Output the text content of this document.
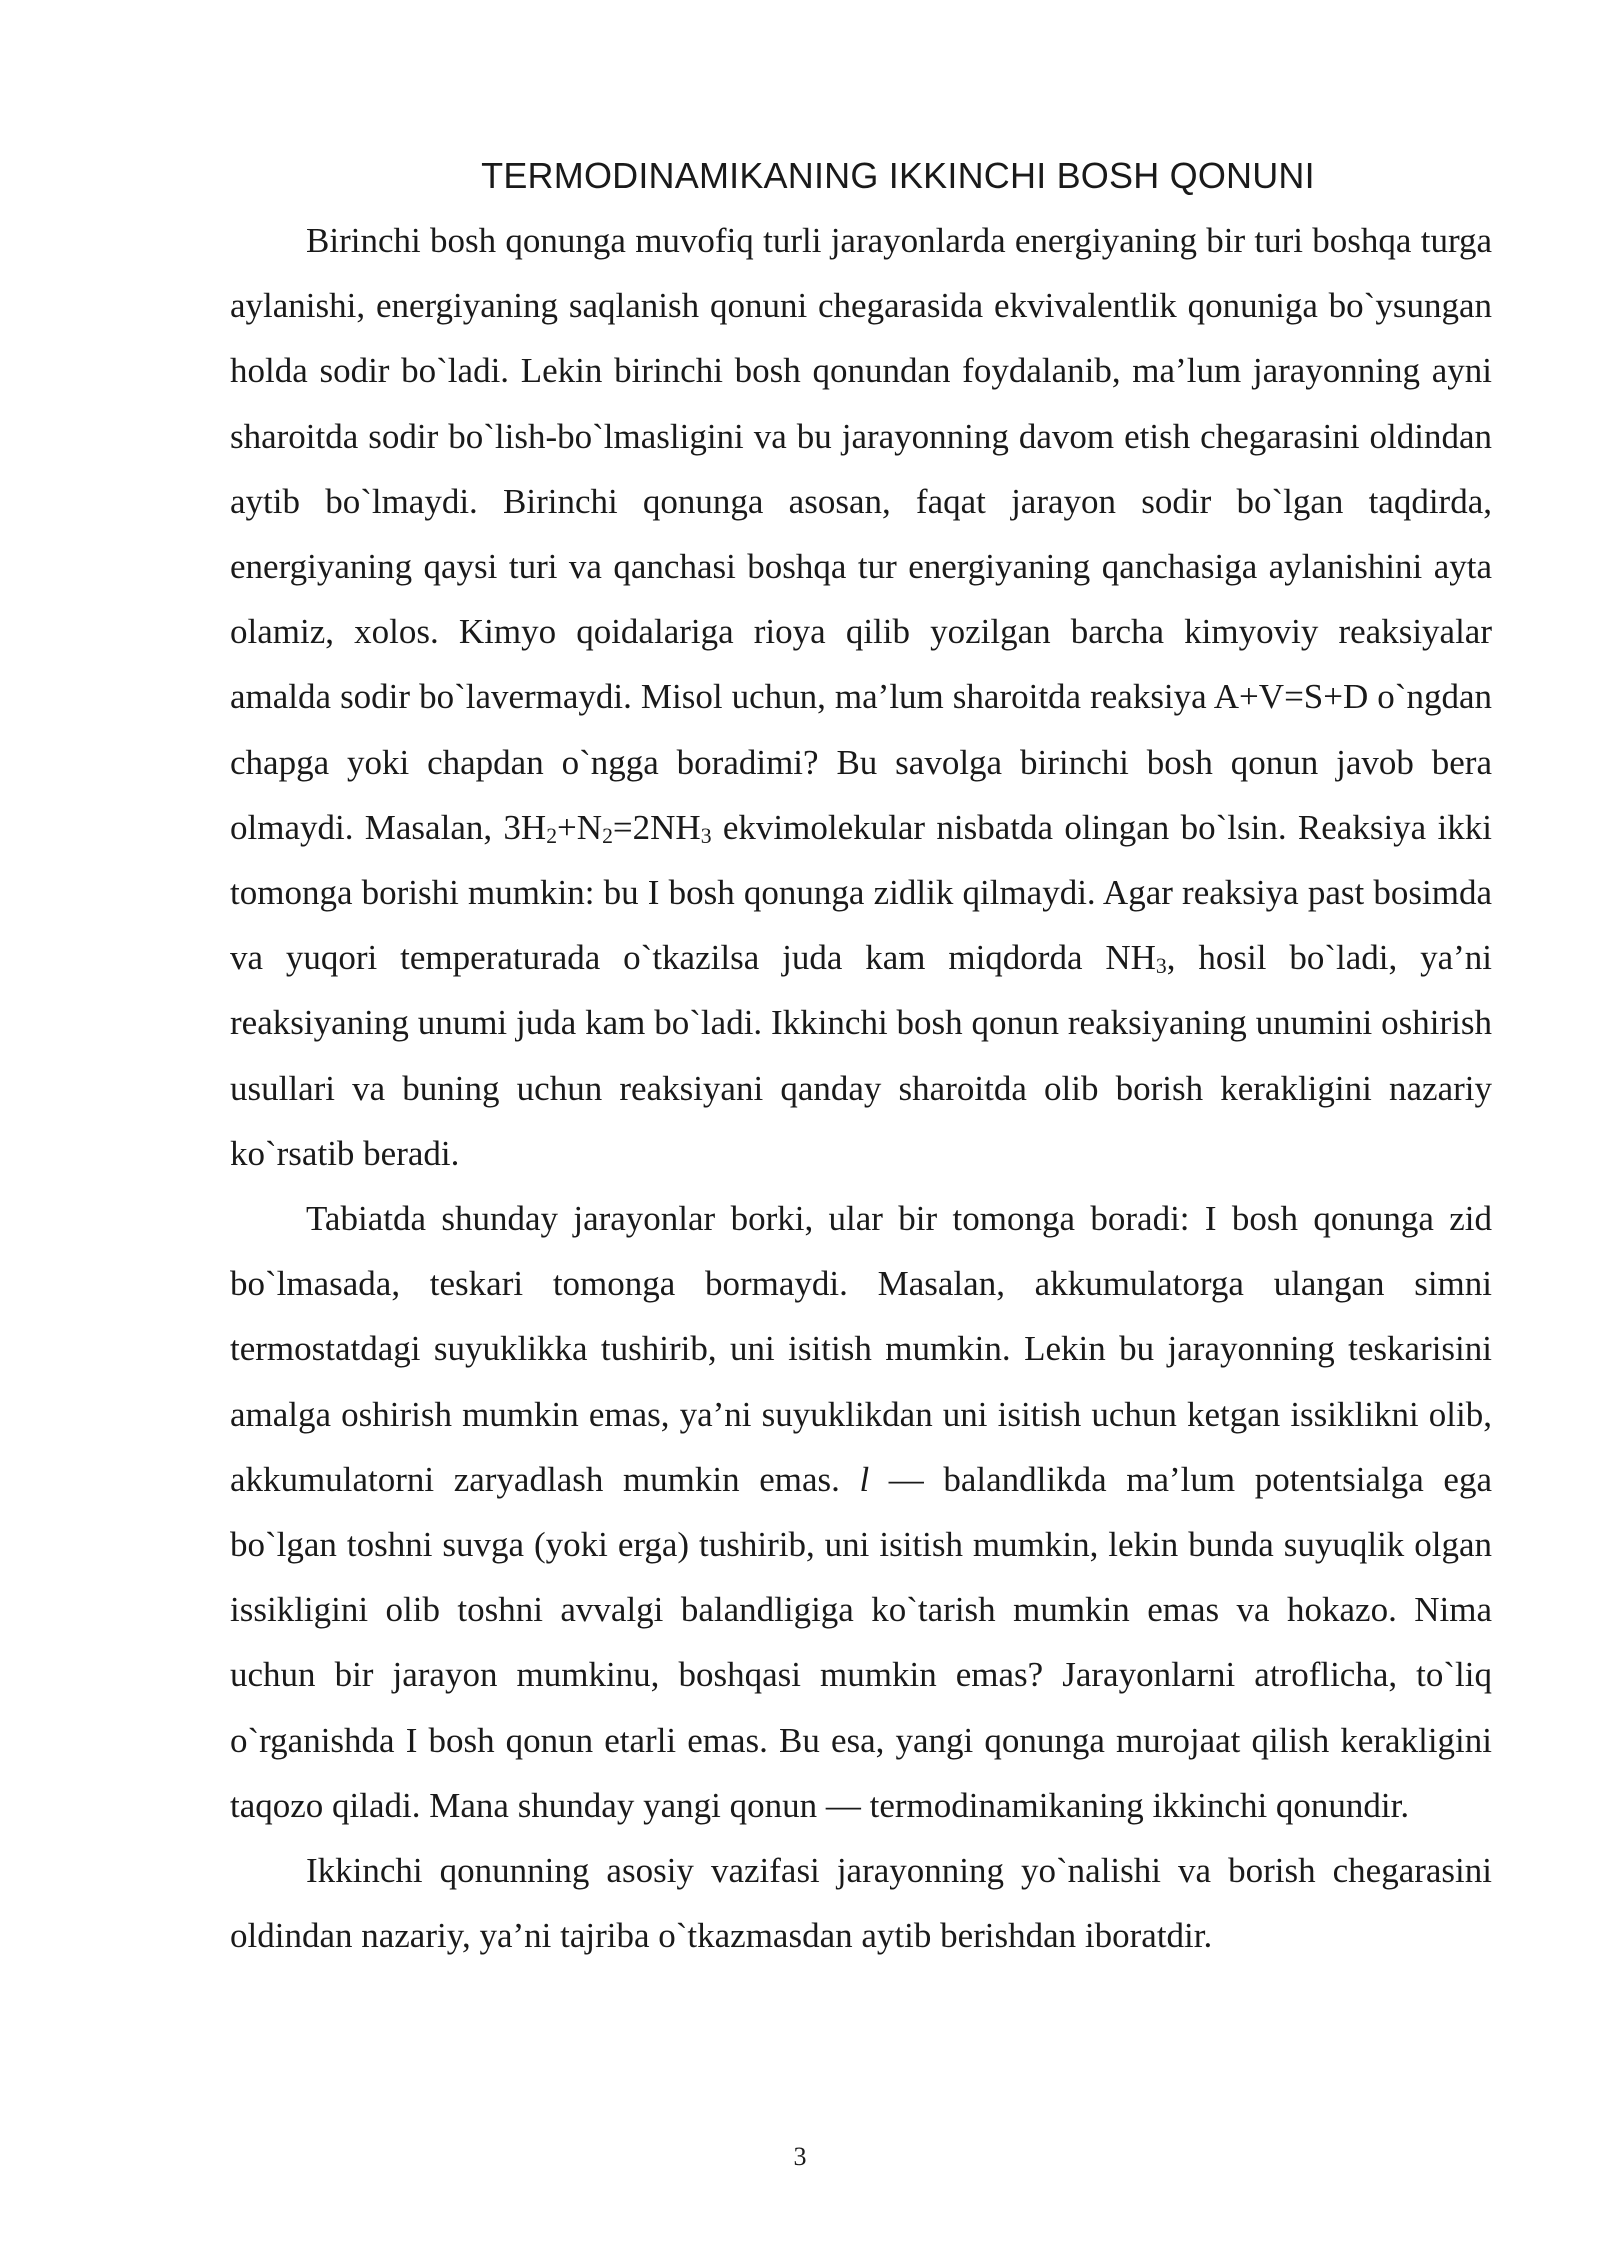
TERMODINAMIKANING IKKINCHI BOSH QONUNI

Birinchi bosh qonunga muvofiq turli jarayonlarda energiyaning bir turi boshqa turga aylanishi, energiyaning saqlanish qonuni chegarasida ekvivalentlik qonuniga bo`ysungan holda sodir bo`ladi. Lekin birinchi bosh qonundan foydalanib, ma’lum jarayonning ayni sharoitda sodir bo`lish-bo`lmasligini va bu jarayonning davom etish chegarasini oldindan aytib bo`lmaydi. Birinchi qonunga asosan, faqat jarayon sodir bo`lgan taqdirda, energiyaning qaysi turi va qanchasi boshqa tur energiyaning qanchasiga aylanishini ayta olamiz, xolos. Kimyo qoidalariga rioya qilib yozilgan barcha kimyoviy reaksiyalar amalda sodir bo`lavermaydi. Misol uchun, ma’lum sharoitda reaksiya A+V=S+D o`ngdan chapga yoki chapdan o`ngga boradimi? Bu savolga birinchi bosh qonun javob bera olmaydi. Masalan, $3H_2+N_2=2NH_3$ ekvimolekular nisbatda olingan bo`lsin. Reaksiya ikki tomonga borishi mumkin: bu I bosh qonunga zidlik qilmaydi. Agar reaksiya past bosimda va yuqori temperaturada o`tkazilsa juda kam miqdorda $NH_3$, hosil bo`ladi, ya’ni reaksiyaning unumi juda kam bo`ladi. Ikkinchi bosh qonun reaksiyaning unumini oshirish usullari va buning uchun reaksiyani qanday sharoitda olib borish kerakligini nazariy ko`rsatib beradi.

Tabiatda shunday jarayonlar borki, ular bir tomonga boradi: I bosh qonunga zid bo`lmasada, teskari tomonga bormaydi. Masalan, akkumulatorga ulangan simni termostatdagi suyuklikka tushirib, uni isitish mumkin. Lekin bu jarayonning teskarisini amalga oshirish mumkin emas, ya’ni suyuklikdan uni isitish uchun ketgan issiklikni olib, akkumulatorni zaryadlash mumkin emas. l — balandlikda ma’lum potentsialga ega bo`lgan toshni suvga (yoki erga) tushirib, uni isitish mumkin, lekin bunda suyuqlik olgan issikligini olib toshni avvalgi balandligiga ko`tarish mumkin emas va hokazo. Nima uchun bir jarayon mumkinu, boshqasi mumkin emas? Jarayonlarni atroflicha, to`liq o`rganishda I bosh qonun etarli emas. Bu esa, yangi qonunga murojaat qilish kerakligini taqozo qiladi. Mana shunday yangi qonun — termodinamikaning ikkinchi qonundir.

Ikkinchi qonunning asosiy vazifasi jarayonning yo`nalishi va borish chegarasini oldindan nazariy, ya’ni tajriba o`tkazmasdan aytib berishdan iboratdir.

3
